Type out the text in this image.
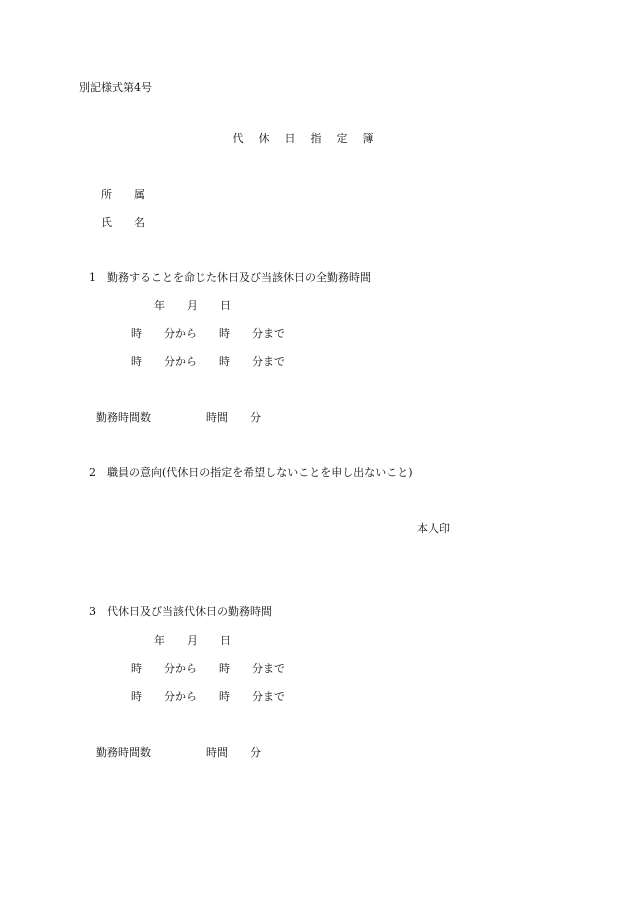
別記様式第4号
代 休 日 指 定 簿
所　　属
氏　　名
1　勤務することを命じた休日及び当該休日の全勤務時間
年　　月　　日
時　　分から　　時　　分まで
時　　分から　　時　　分まで
勤務時間数　　　　　時間　　分
2　職員の意向(代休日の指定を希望しないことを申し出ないこと)
本人印
3　代休日及び当該代休日の勤務時間
年　　月　　日
時　　分から　　時　　分まで
時　　分から　　時　　分まで
勤務時間数　　　　　時間　　分
